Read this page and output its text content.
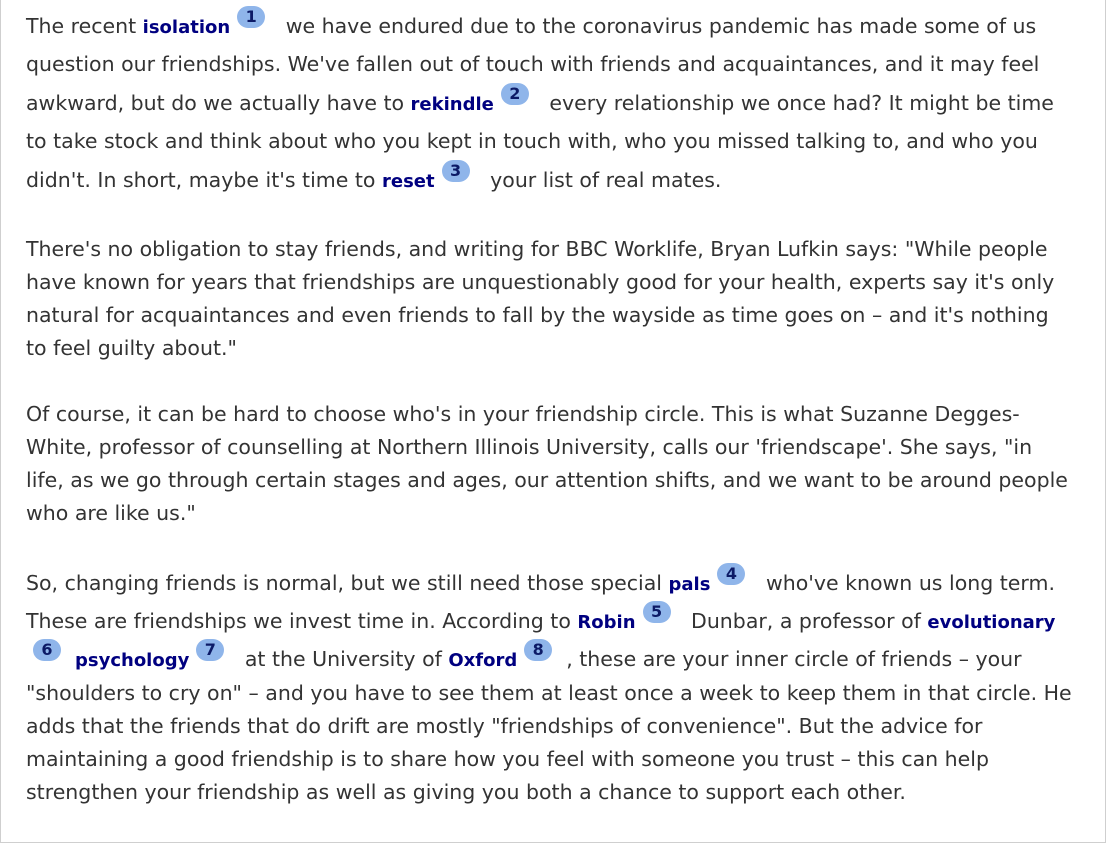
The recent isolation1 we have endured due to the coronavirus pandemic has made some of us question our friendships. We've fallen out of touch with friends and acquaintances, and it may feel awkward, but do we actually have to rekindle2 every relationship we once had? It might be time to take stock and think about who you kept in touch with, who you missed talking to, and who you didn't. In short, maybe it's time to reset3 your list of real mates.

There's no obligation to stay friends, and writing for BBC Worklife, Bryan Lufkin says: "While people have known for years that friendships are unquestionably good for your health, experts say it's only natural for acquaintances and even friends to fall by the wayside as time goes on – and it's nothing to feel guilty about."

Of course, it can be hard to choose who's in your friendship circle. This is what Suzanne Degges-White, professor of counselling at Northern Illinois University, calls our 'friendscape'. She says, "in life, as we go through certain stages and ages, our attention shifts, and we want to be around people who are like us."

So, changing friends is normal, but we still need those special pals4 who've known us long term. These are friendships we invest time in. According to Robin5 Dunbar, a professor of evolutionary6psychology7 at the University of Oxford8 , these are your inner circle of friends – your "shoulders to cry on" – and you have to see them at least once a week to keep them in that circle. He adds that the friends that do drift are mostly "friendships of convenience". But the advice for maintaining a good friendship is to share how you feel with someone you trust – this can help strengthen your friendship as well as giving you both a chance to support each other.
